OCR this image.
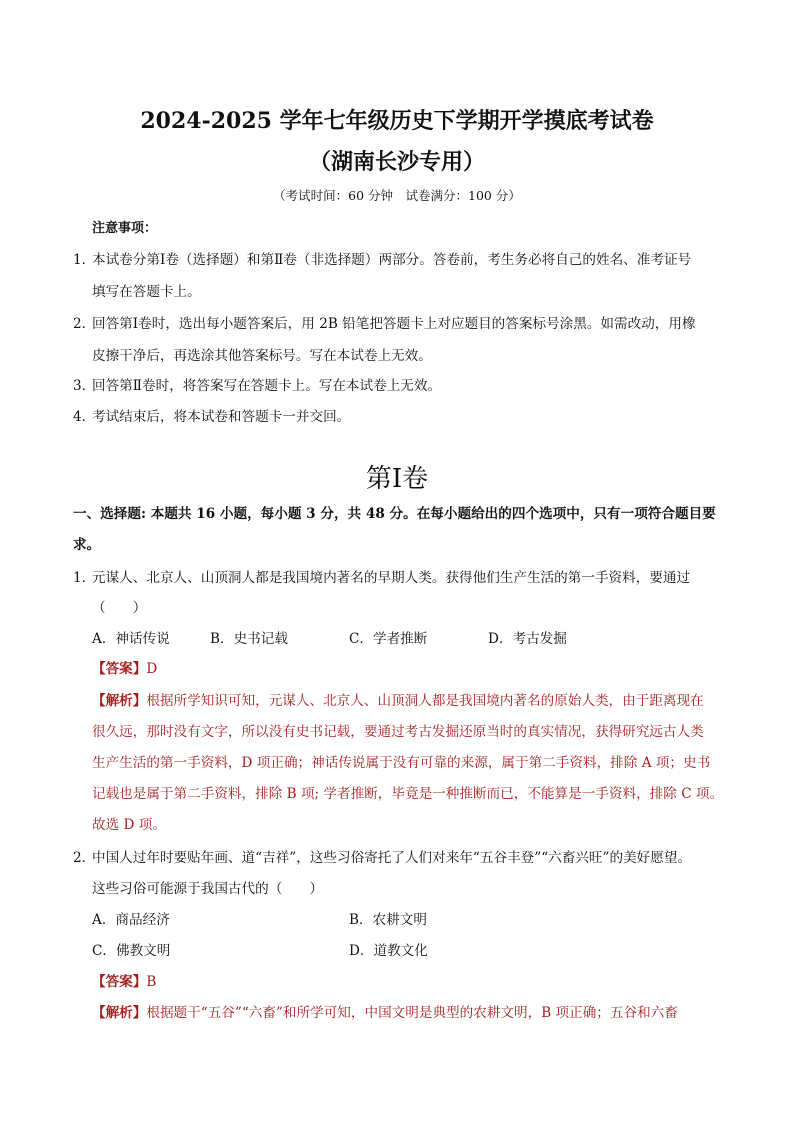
2024-2025 学年七年级历史下学期开学摸底考试卷
（湖南长沙专用）
（考试时间：60 分钟　试卷满分：100 分）
注意事项：
1．
本试卷分第Ⅰ卷（选择题）和第Ⅱ卷（非选择题）两部分。答卷前，考生务必将自己的姓名、准考证号
填写在答题卡上。
2．
回答第Ⅰ卷时，选出每小题答案后，用 2B 铅笔把答题卡上对应题目的答案标号涂黑。如需改动，用橡
皮擦干净后，再选涂其他答案标号。写在本试卷上无效。
3．
回答第Ⅱ卷时，将答案写在答题卡上。写在本试卷上无效。
4．
考试结束后，将本试卷和答题卡一并交回。
第Ⅰ卷
一、选择题: 本题共 16 小题，每小题 3 分，共 48 分。在每小题给出的四个选项中，只有一项符合题目要
求。
1．
元谋人、北京人、山顶洞人都是我国境内著名的早期人类。获得他们生产生活的第一手资料，要通过
（　　）
A．神话传说	B．史书记载	C．学者推断	D．考古发掘
【答案】D
【解析】根据所学知识可知，元谋人、北京人、山顶洞人都是我国境内著名的原始人类，由于距离现在
很久远，那时没有文字，所以没有史书记载，要通过考古发掘还原当时的真实情况，获得研究远古人类
生产生活的第一手资料，D 项正确；神话传说属于没有可靠的来源，属于第二手资料，排除 A 项；史书
记载也是属于第二手资料，排除 B 项; 学者推断，毕竟是一种推断而已，不能算是一手资料，排除 C 项。
故选 D 项。
2．
中国人过年时要贴年画、道“吉祥”，这些习俗寄托了人们对来年“五谷丰登”“六畜兴旺”的美好愿望。
这些习俗可能源于我国古代的（　　）
A．商品经济	B．农耕文明
C．佛教文明	D．道教文化
【答案】B
【解析】根据题干“五谷”“六畜”和所学可知，中国文明是典型的农耕文明，B 项正确；五谷和六畜
